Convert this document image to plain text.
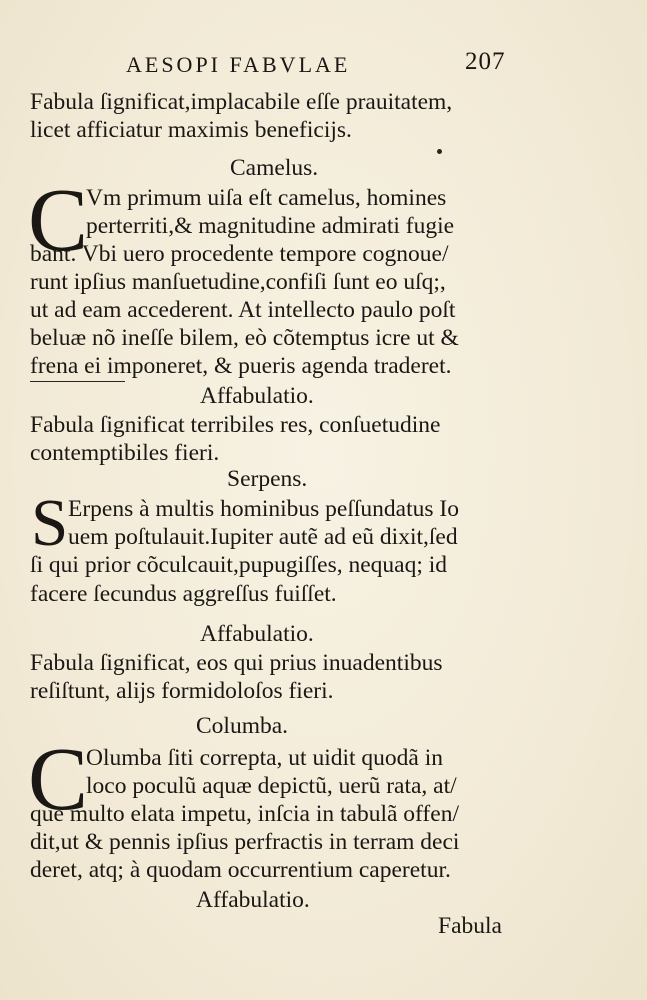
AESOPI FABVLAE	207
Fabula ſignificat,implacabile eſſe prauitatem,
licet afficiatur maximis beneficijs.
Camelus.
C
Vm primum uiſa eſt camelus, homines
perterriti,& magnitudine admirati fugie
bant. Vbi uero procedente tempore cognoue/
runt ipſius manſuetudine,confiſi ſunt eo uſq;,
ut ad eam accederent. At intellecto paulo poſt
beluæ nõ ineſſe bilem, eò cõtemptus icre ut &
frena ei imponeret, & pueris agenda traderet.
Affabulatio.
Fabula ſignificat terribiles res, conſuetudine
contemptibiles fieri.
Serpens.
S Erpens à multis hominibus peſſundatus Io
uem poſtulauit.Iupiter autẽ ad eũ dixit,ſed
ſi qui prior cõculcauit,pupugiſſes, nequaq; id
facere ſecundus aggreſſus fuiſſet.
Affabulatio.
Fabula ſignificat, eos qui prius inuadentibus
reſiſtunt, alijs formidoloſos fieri.
Columba.
C
Olumba ſiti correpta, ut uidit quodã in
loco poculũ aquæ depictũ, uerũ rata, at/
que multo elata impetu, inſcia in tabulã offen/
dit,ut & pennis ipſius perfractis in terram deci
deret, atq; à quodam occurrentium caperetur.
Affabulatio.
Fabula
